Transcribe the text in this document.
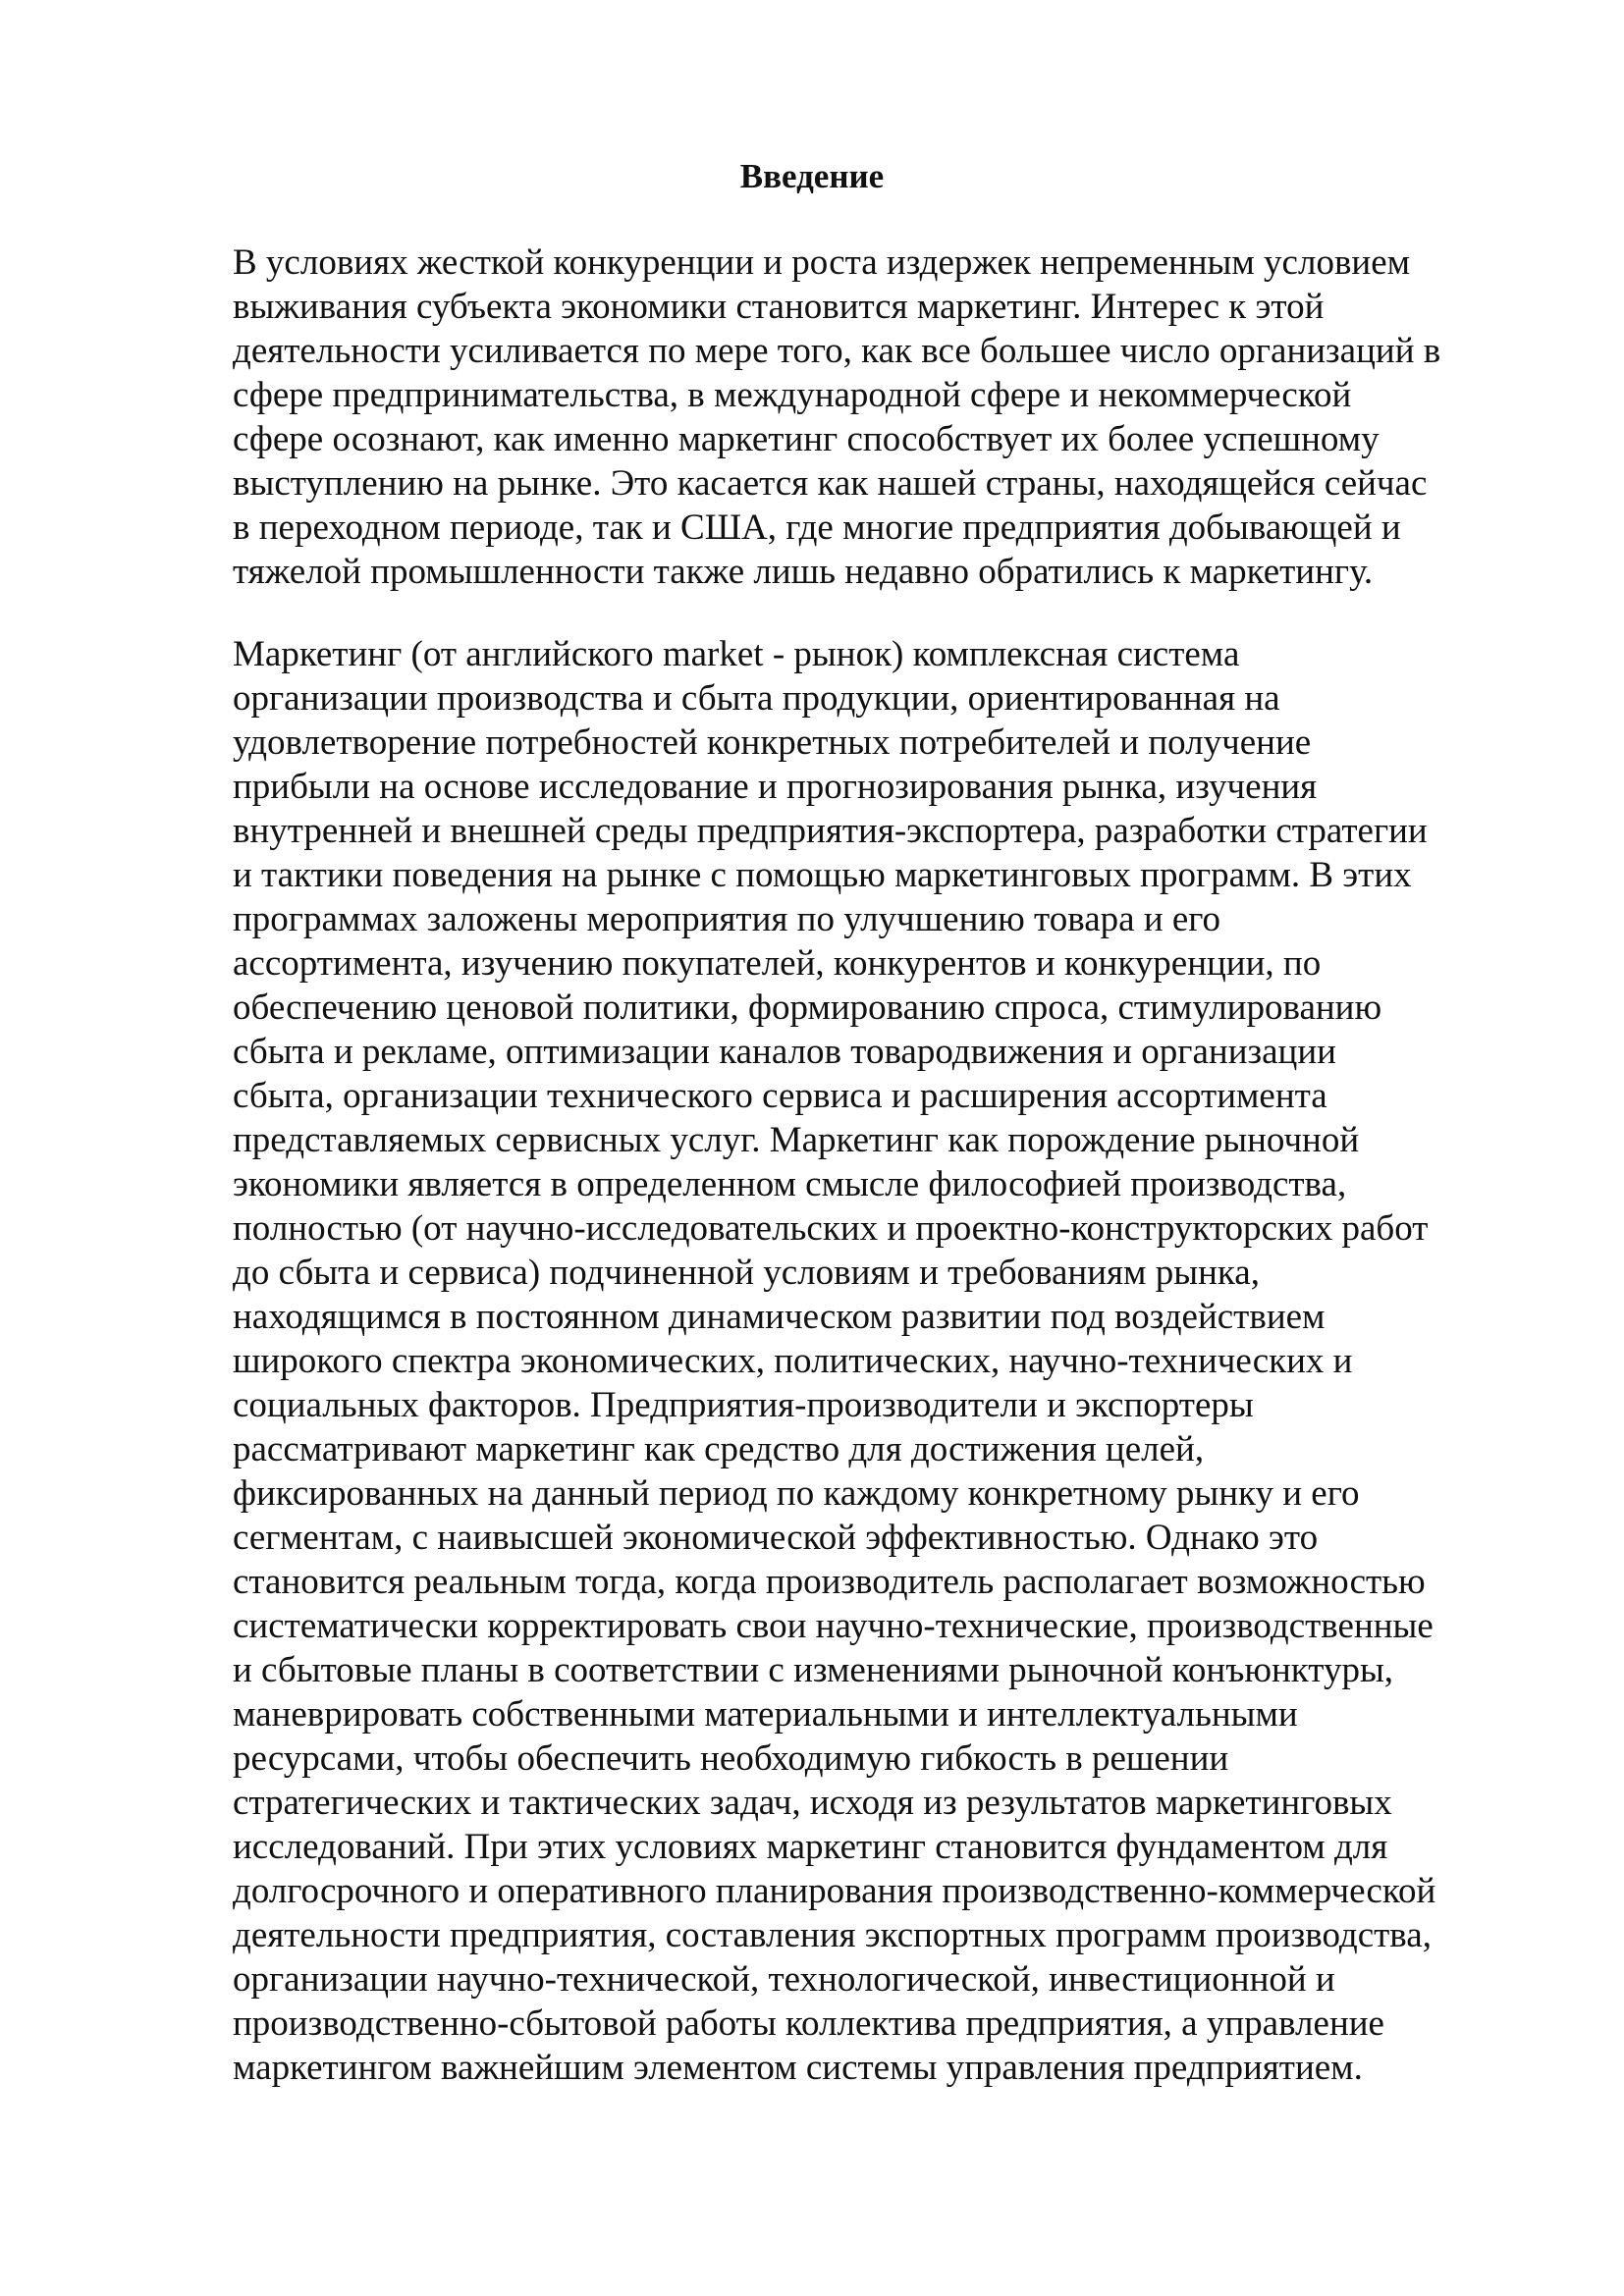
Введение
В условиях жесткой конкуренции и роста издержек непременным условием
выживания субъекта экономики становится маркетинг. Интерес к этой
деятельности усиливается по мере того, как все большее число организаций в
сфере предпринимательства, в международной сфере и некоммерческой
сфере осознают, как именно маркетинг способствует их более успешному
выступлению на рынке. Это касается как нашей страны, находящейся сейчас
в переходном периоде, так и США, где многие предприятия добывающей и
тяжелой промышленности также лишь недавно обратились к маркетингу.
Маркетинг (от английского market - рынок) комплексная система
организации производства и сбыта продукции, ориентированная на
удовлетворение потребностей конкретных потребителей и получение
прибыли на основе исследование и прогнозирования рынка, изучения
внутренней и внешней среды предприятия-экспортера, разработки стратегии
и тактики поведения на рынке с помощью маркетинговых программ. В этих
программах заложены мероприятия по улучшению товара и его
ассортимента, изучению покупателей, конкурентов и конкуренции, по
обеспечению ценовой политики, формированию спроса, стимулированию
сбыта и рекламе, оптимизации каналов товародвижения и организации
сбыта, организации технического сервиса и расширения ассортимента
представляемых сервисных услуг. Маркетинг как порождение рыночной
экономики является в определенном смысле философией производства,
полностью (от научно-исследовательских и проектно-конструкторских работ
до сбыта и сервиса) подчиненной условиям и требованиям рынка,
находящимся в постоянном динамическом развитии под воздействием
широкого спектра экономических, политических, научно-технических и
социальных факторов. Предприятия-производители и экспортеры
рассматривают маркетинг как средство для достижения целей,
фиксированных на данный период по каждому конкретному рынку и его
сегментам, с наивысшей экономической эффективностью. Однако это
становится реальным тогда, когда производитель располагает возможностью
систематически корректировать свои научно-технические, производственные
и сбытовые планы в соответствии с изменениями рыночной конъюнктуры,
маневрировать собственными материальными и интеллектуальными
ресурсами, чтобы обеспечить необходимую гибкость в решении
стратегических и тактических задач, исходя из результатов маркетинговых
исследований. При этих условиях маркетинг становится фундаментом для
долгосрочного и оперативного планирования производственно-коммерческой
деятельности предприятия, составления экспортных программ производства,
организации научно-технической, технологической, инвестиционной и
производственно-сбытовой работы коллектива предприятия, а управление
маркетингом важнейшим элементом системы управления предприятием.
